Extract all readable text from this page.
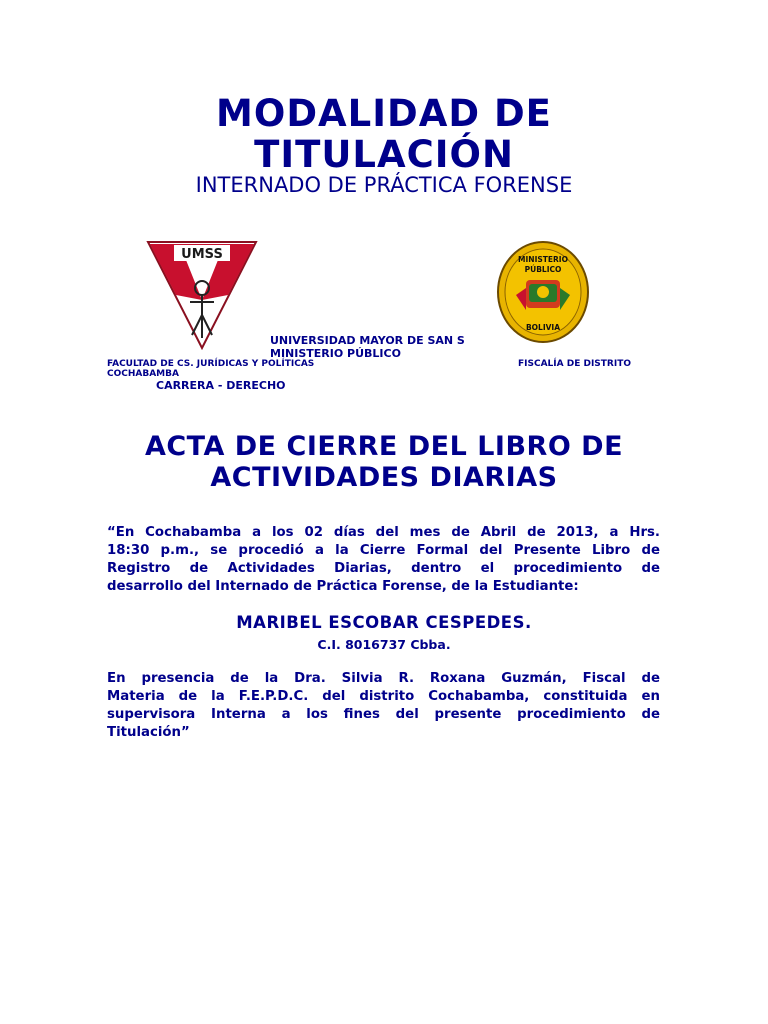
MODALIDAD DE
TITULACIÓN
INTERNADO DE PRÁCTICA FORENSE
UMSS	MINISTERIO
PÚBLICO
BOLIVIA
UNIVERSIDAD MAYOR DE SAN S
MINISTERIO PÚBLICO
FACULTAD DE CS. JURÍDICAS Y POLÍTICAS	FISCALÍA DE DISTRITO
COCHABAMBA
CARRERA - DERECHO
ACTA DE CIERRE DEL LIBRO DE
ACTIVIDADES DIARIAS
“En Cochabamba a los 02 días del mes de Abril de 2013, a Hrs.
18:30 p.m., se procedió a la Cierre Formal del Presente Libro de
Registro de Actividades Diarias, dentro el procedimiento de
desarrollo del Internado de Práctica Forense, de la Estudiante:
MARIBEL ESCOBAR CESPEDES.
C.I. 8016737 Cbba.
En presencia de la Dra. Silvia R. Roxana Guzmán, Fiscal de
Materia de la F.E.P.D.C. del distrito Cochabamba, constituida en
supervisora Interna a los fines del presente procedimiento de
Titulación”
